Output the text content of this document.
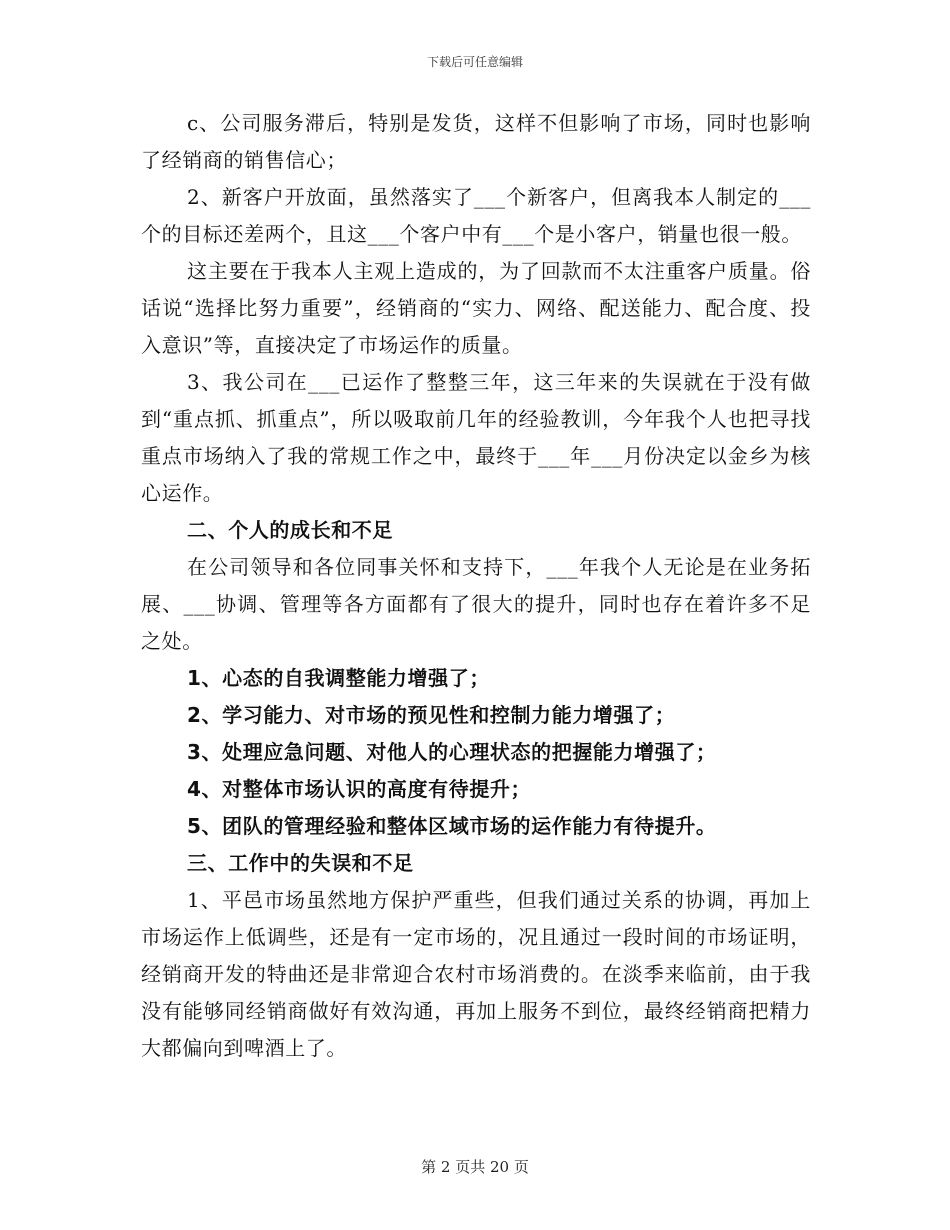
下载后可任意编辑

c、公司服务滞后，特别是发货，这样不但影响了市场，同时也影响了经销商的销售信心；

2、新客户开放面，虽然落实了___个新客户，但离我本人制定的___个的目标还差两个，且这___个客户中有___个是小客户，销量也很一般。

这主要在于我本人主观上造成的，为了回款而不太注重客户质量。俗话说“选择比努力重要”，经销商的“实力、网络、配送能力、配合度、投入意识”等，直接决定了市场运作的质量。

3、我公司在___已运作了整整三年，这三年来的失误就在于没有做到“重点抓、抓重点”，所以吸取前几年的经验教训，今年我个人也把寻找重点市场纳入了我的常规工作之中，最终于___年___月份决定以金乡为核心运作。

二、个人的成长和不足

在公司领导和各位同事关怀和支持下，___年我个人无论是在业务拓展、___协调、管理等各方面都有了很大的提升，同时也存在着许多不足之处。

1、心态的自我调整能力增强了；

2、学习能力、对市场的预见性和控制力能力增强了；

3、处理应急问题、对他人的心理状态的把握能力增强了；

4、对整体市场认识的高度有待提升；

5、团队的管理经验和整体区域市场的运作能力有待提升。

三、工作中的失误和不足

1、平邑市场虽然地方保护严重些，但我们通过关系的协调，再加上市场运作上低调些，还是有一定市场的，况且通过一段时间的市场证明，经销商开发的特曲还是非常迎合农村市场消费的。在淡季来临前，由于我没有能够同经销商做好有效沟通，再加上服务不到位，最终经销商把精力大都偏向到啤酒上了。

第 2 页共 20 页
